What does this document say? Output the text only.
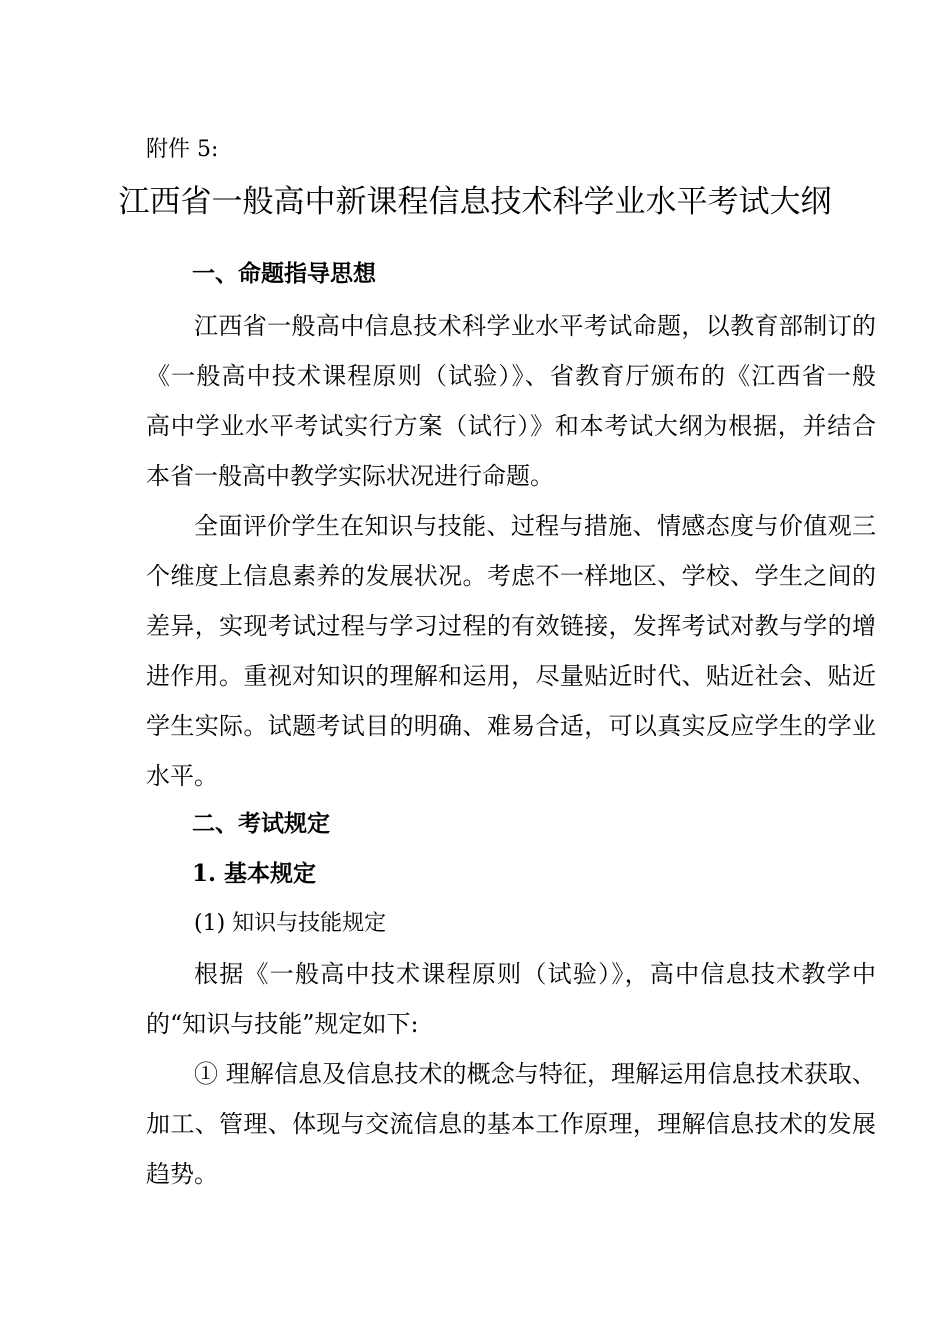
附件 5:
江西省一般高中新课程信息技术科学业水平考试大纲
一、命题指导思想
江西省一般高中信息技术科学业水平考试命题，以教育部制订的
《一般高中技术课程原则（试验）》、省教育厅颁布的《江西省一般
高中学业水平考试实行方案（试行）》和本考试大纲为根据，并结合
本省一般高中教学实际状况进行命题。
全面评价学生在知识与技能、过程与措施、情感态度与价值观三
个维度上信息素养的发展状况。考虑不一样地区、学校、学生之间的
差异，实现考试过程与学习过程的有效链接，发挥考试对教与学的增
进作用。重视对知识的理解和运用，尽量贴近时代、贴近社会、贴近
学生实际。试题考试目的明确、难易合适，可以真实反应学生的学业
水平。
二、考试规定
1. 基本规定
(1) 知识与技能规定
根据《一般高中技术课程原则（试验）》，高中信息技术教学中
的“知识与技能”规定如下:
① 理解信息及信息技术的概念与特征，理解运用信息技术获取、
加工、管理、体现与交流信息的基本工作原理，理解信息技术的发展
趋势。
